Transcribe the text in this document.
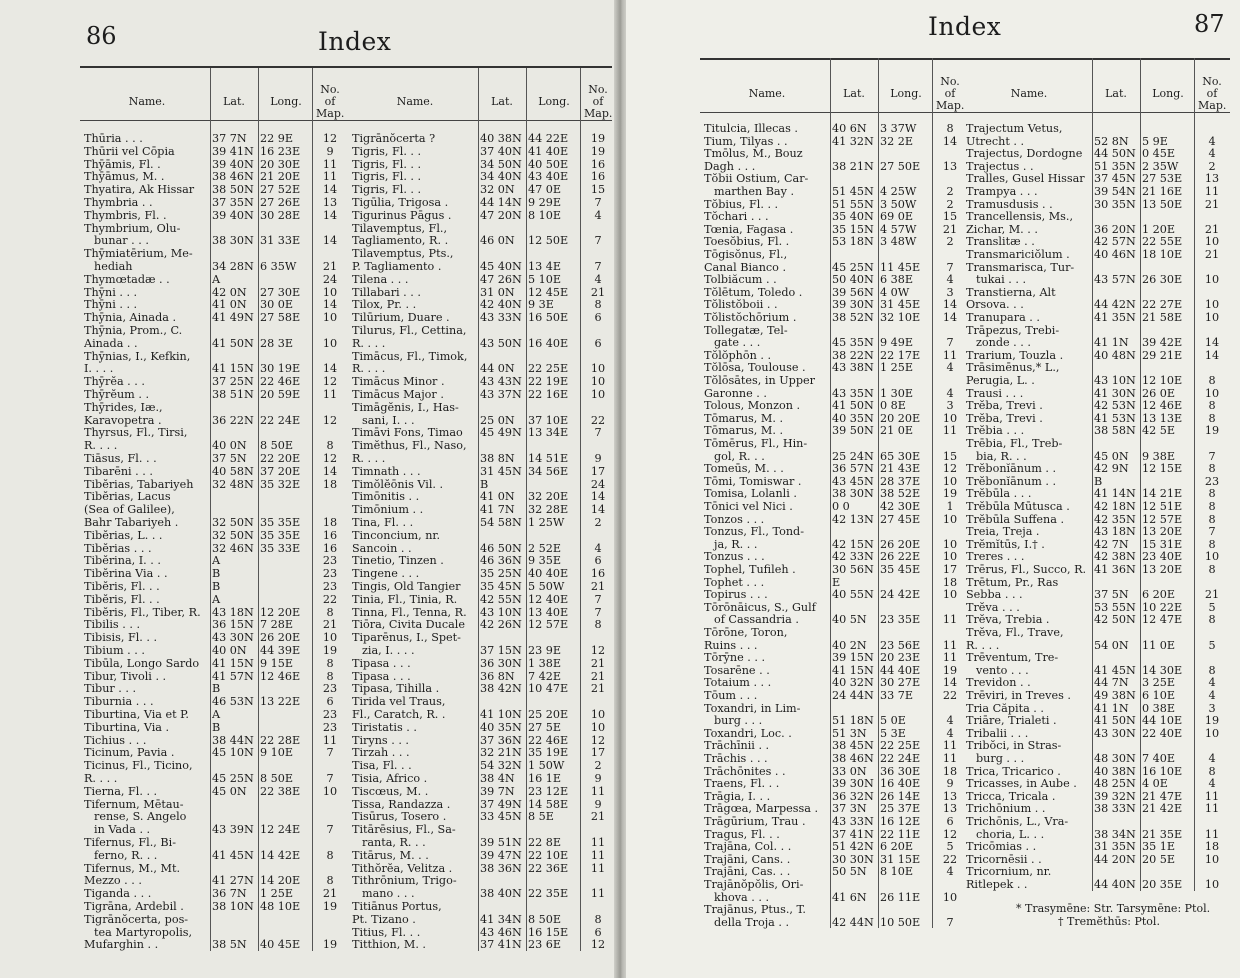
86	Index
Name.	Lat.	Long.
No. of Map.
Name.	Lat.	Long.
No. of Map.
Thūria . . .	37 7N	22 9E	12
Thūrii vel Cōpia	39 41N 16 23E	9
Thȳāmis, Fl. .	39 40N 20 30E	11
Thȳāmus, M. .	38 46N 21 20E	11
Thyatira, Ak Hissar	38 50N 27 52E	14
Thymbria . .	37 35N 27 26E	13
Thymbris, Fl. .	39 40N 30 28E	14
Thymbrium, Olu-
bunar . . .	38 30N 31 33E	14
Thȳmiatērium, Me-
hediah	34 28N 6 35W	21
Thymœtadæ . .	A	24
Thȳni . . .	42 0N	27 30E	10
Thȳni . . .	41 0N	30 0E	14
Thȳnia, Ainada .	41 49N 27 58E	10
Thȳnia, Prom., C.
Ainada . .	41 50N 28 3E	10
Thȳnias, I., Kefkin,
I. . . .	41 15N 30 19E	14
Thȳrĕa . . .	37 25N 22 46E	12
Thȳrĕum . .	38 51N 20 59E	11
Thȳrides, Iæ.,
Karavopetra .	36 22N 22 24E	12
Thyrsus, Fl., Tirsi,
R. . . .	40 0N	8 50E	8
Tiāsus, Fl. . .	37 5N	22 20E	12
Tibarēni . . .	40 58N 37 20E	14
Tibĕrias, Tabariyeh	32 48N 35 32E	18
Tibĕrias, Lacus
(Sea of Galilee),
Bahr Tabariyeh .	32 50N 35 35E	18
Tibĕrias, L. . .	32 50N 35 35E	16
Tibĕrias . . .	32 46N 35 33E	16
Tibĕrina, I. . .	A	23
Tibĕrina Via . .	B	23
Tibĕris, Fl. . .	B	23
Tibĕris, Fl. . .	A	22
Tibĕris, Fl., Tiber, R.	43 18N 12 20E	8
Tibilis . . .	36 15N 7 28E	21
Tibisis, Fl. . .	43 30N 26 20E	10
Tibium . . .	40 0N	44 39E	19
Tibūla, Longo Sardo	41 15N 9 15E	8
Tibur, Tivoli . .	41 57N 12 46E	8
Tibur . . .	B	23
Tiburnia . . .	46 53N 13 22E	6
Tiburtina, Via et P.	A	23
Tiburtina, Via .	B	23
Tichius . . .	38 44N 22 28E	11
Ticinum, Pavia .	45 10N 9 10E	7
Ticinus, Fl., Ticino,
R. . . .	45 25N 8 50E	7
Tierna, Fl. . .	45 0N	22 38E	10
Tifernum, Mētau-
rense, S. Angelo
in Vada . .	43 39N 12 24E	7
Tifernus, Fl., Bi-
ferno, R. . .	41 45N 14 42E	8
Tifernus, M., Mt.
Mezzo . . .	41 27N 14 20E	8
Tiganda . . .	36 7N	1 25E	21
Tigrāna, Ardebil .	38 10N 48 10E	19
Tigrānŏcerta, pos-
tea Martyropolis,
Mufarghin . .	38 5N	40 45E	19
Tigrānŏcerta ?	40 38N 44 22E	19
Tigris, Fl. . .	37 40N 41 40E	19
Tigris, Fl. . .	34 50N 40 50E	16
Tigris, Fl. . .	34 40N 43 40E	16
Tigris, Fl. . .	32 0N	47 0E	15
Tigūlia, Trigosa .	44 14N 9 29E	7
Tigurinus Pāgus .	47 20N 8 10E	4
Tilavemptus, Fl.,
Tagliamento, R. .	46 0N	12 50E	7
Tilavemptus, Pts.,
P. Tagliamento .	45 40N 13 4E	7
Tilena . . .	47 26N 5 10E	4
Tillabari . . .	31 0N	12 45E	21
Tilox, Pr. . .	42 40N 9 3E	8
Tilūrium, Duare .	43 33N 16 50E	6
Tilurus, Fl., Cettina,
R. . . .	43 50N 16 40E	6
Timācus, Fl., Timok,
R. . . .	44 0N	22 25E	10
Timācus Minor .	43 43N 22 19E	10
Timācus Major .	43 37N 22 16E	10
Timāgĕnis, I., Has-
sani, I. . .	25 0N	37 10E	22
Timāvi Fons, Timao	45 49N 13 34E	7
Timĕthus, Fl., Naso,
R. . . .	38 8N	14 51E	9
Timnath . . .	31 45N 34 56E	17
Timŏlĕōnis Vil. .	B	24
Timōnitis . .	41 0N	32 20E	14
Timōnium . .	41 7N	32 28E	14
Tina, Fl. . .	54 58N 1 25W	2
Tinconcium, nr.
Sancoin . .	46 50N 2 52E	4
Tinetio, Tinzen .	46 36N 9 35E	6
Tingene . . .	35 25N 40 40E	16
Tingis, Old Tangier	35 45N 5 50W	21
Tinia, Fl., Tinia, R.	42 55N 12 40E	7
Tinna, Fl., Tenna, R.	43 10N 13 40E	7
Tiōra, Civita Ducale	42 26N 12 57E	8
Tiparēnus, I., Spet-
zia, I. . . .	37 15N 23 9E	12
Tipasa . . .	36 30N 1 38E	21
Tipasa . . .	36 8N	7 42E	21
Tipasa, Tihilla .	38 42N 10 47E	21
Tirida vel Traus,
Fl., Caratch, R. .	41 10N 25 20E	10
Tiristatis . .	40 35N 27 5E	10
Tiryns . . .	37 36N 22 46E	12
Tirzah . . .	32 21N 35 19E	17
Tisa, Fl. . .	54 32N 1 50W	2
Tisia, Africo .	38 4N	16 1E	9
Tiscœus, M. .	39 7N	23 12E	11
Tissa, Randazza .	37 49N 14 58E	9
Tisūrus, Tosero .	33 45N 8 5E	21
Titārēsius, Fl., Sa-
ranta, R. . .	39 51N 22 8E	11
Titārus, M. . .	39 47N 22 10E	11
Tithŏrĕa, Velitza .	38 36N 22 36E	11
Tithrōnium, Trigo-
mano . . .	38 40N 22 35E	11
Titiānus Portus,
Pt. Tizano .	41 34N 8 50E	8
Titius, Fl. . .	43 46N 16 15E	6
Titthion, M. .	37 41N 23 6E	12
Index	87
Name.	Lat.	Long.
No. of Map.
Name.	Lat.	Long.
No. of Map.
Titulcia, Illecas .	40 6N	3 37W	8
Tium, Tilyas . .	41 32N 32 2E	14
Tmōlus, M., Bouz
Dagh . . .	38 21N 27 50E	13
Tŏbii Ostium, Car-
marthen Bay .	51 45N 4 25W	2
Tŏbius, Fl. . .	51 55N 3 50W	2
Tŏchari . . .	35 40N 69 0E	15
Tœnia, Fagasa .	35 15N 4 57W	21
Toesŏbius, Fl. .	53 18N 3 48W	2
Tōgisŏnus, Fl.,
Canal Bianco .	45 25N 11 45E	7
Tolbiăcum . .	50 40N 6 38E	4
Tŏlētum, Toledo .	39 56N 4 0W	3
Tŏlistŏboii . .	39 30N 31 45E	14
Tŏlistŏchōrium .	38 52N 32 10E	14
Tollegatæ, Tel-
gate . . .	45 35N 9 49E	7
Tŏlŏphōn . .	38 22N 22 17E	11
Tŏlōsa, Toulouse .	43 38N 1 25E	4
Tŏlōsātes, in Upper
Garonne . .	43 35N 1 30E	4
Tolous, Monzon .	41 50N 0 8E	3
Tōmarus, M. .	40 35N 20 20E	10
Tōmarus, M. .	39 50N 21 0E	11
Tōmērus, Fl., Hin-
gol, R. . .	25 24N 65 30E	15
Tomeūs, M. . .	36 57N 21 43E	12
Tōmi, Tomiswar .	43 45N 28 37E	10
Tomisa, Lolanli .	38 30N 38 52E	19
Tōnici vel Nici .	0 0	42 30E	1
Tonzos . . .	42 13N 27 45E	10
Tonzus, Fl., Tond-
ja, R. . .	42 15N 26 20E	10
Tonzus . . .	42 33N 26 22E	10
Tophel, Tufileh .	30 56N 35 45E	17
Tophet . . .	E	18
Topirus . . .	40 55N 24 42E	10
Tōrōnāicus, S., Gulf
of Cassandria .	40 5N	23 35E	11
Tōrōne, Toron,
Ruins . . .	40 2N	23 56E	11
Tōrȳne . . .	39 15N 20 23E	11
Tosarēne . .	41 15N 44 40E	19
Totaium . . .	40 32N 30 27E	14
Tōum . . .	24 44N 33 7E	22
Toxandri, in Lim-
burg . . .	51 18N 5 0E	4
Toxandri, Loc. .	51 3N	5 3E	4
Trāchīnii . .	38 45N 22 25E	11
Trāchis . . .	38 46N 22 24E	11
Trāchōnites . .	33 0N	36 30E	18
Traens, Fl. . .	39 30N 16 40E	9
Trāgia, I. . .	36 32N 26 14E	13
Trāgœa, Marpessa .	37 3N	25 37E	13
Trāgūrium, Trau .	43 33N 16 12E	6
Tragus, Fl. . .	37 41N 22 11E	12
Trajāna, Col. . .	51 42N 6 20E	5
Trajāni, Cans. .	30 30N 31 15E	22
Trajāni, Cas. . .	50 5N	8 10E	4
Trajānŏpŏlis, Ori-
khova . . .	41 6N	26 11E	10
Trajānus, Ptus., T.
della Troja . .	42 44N 10 50E	7
Trajectum Vetus,
Utrecht . .	52 8N	5 9E	4
Trajectus, Dordogne	44 50N 0 45E	4
Trajectus . .	51 35N 2 35W	2
Tralles, Gusel Hissar 37 45N 27 53E	13
Trampya . . .	39 54N 21 16E	11
Tramusdusis . .	30 35N 13 50E	21
Trancellensis, Ms.,
Zichar, M. . .	36 20N 1 20E	21
Translitæ . .	42 57N 22 55E	10
Transmariciŏlum .	40 46N 18 10E	21
Transmarisca, Tur-
tukai . . .	43 57N 26 30E	10
Transtierna, Alt
Orsova. . .	44 42N 22 27E	10
Tranupara . .	41 35N 21 58E	10
Trāpezus, Trebi-
zonde . . .	41 1N	39 42E	14
Trarium, Touzla .	40 48N 29 21E	14
Trāsimēnus,* L.,
Perugia, L. .	43 10N 12 10E	8
Trausi . . .	41 30N 26 0E	10
Trĕba, Trevi .	42 53N 12 46E	8
Trĕba, Trevi .	41 53N 13 13E	8
Trĕbia . . .	38 58N 42 5E	19
Trēbia, Fl., Treb-
bia, R. . .	45 0N	9 38E	7
Trĕbonĭānum . .	42 9N	12 15E	8
Trĕbonĭānum . .	B	23
Trĕbūla . . .	41 14N 14 21E	8
Trĕbūla Mūtusca .	42 18N 12 51E	8
Trĕbūla Suffena .	42 35N 12 57E	8
Treia, Treja .	43 18N 13 20E	7
Trĕmĭtūs, I.† .	42 7N	15 31E	8
Treres . . .	42 38N 23 40E	10
Trērus, Fl., Succo, R. 41 36N 13 20E	8
Trētum, Pr., Ras
Sebba . . .	37 5N	6 20E	21
Trĕva . . .	53 55N 10 22E	5
Trĕva, Trebia .	42 50N 12 47E	8
Trĕva, Fl., Trave,
R. . . .	54 0N	11 0E	5
Trēventum, Tre-
vento . . .	41 45N 14 30E	8
Trevidon . .	44 7N	3 25E	4
Trēviri, in Treves .	49 38N 6 10E	4
Tria Căpita . .	41 1N	0 38E	3
Triāre, Trialeti .	41 50N 44 10E	19
Tribalii . . .	43 30N 22 40E	10
Tribŏci, in Stras-
burg . . .	48 30N 7 40E	4
Trica, Tricarico .	40 38N 16 10E	8
Tricasses, in Aube .	48 25N 4 0E	4
Tricca, Tricala .	39 32N 21 47E	11
Trichōnium . .	38 33N 21 42E	11
Trichōnis, L., Vra-
choria, L. . .	38 34N 21 35E	11
Tricōmias . .	31 35N 35 1E	18
Tricornēsii . .	44 20N 20 5E	10
Tricornium, nr.
Ritlepek . .	44 40N 20 35E	10
* Trasymēne: Str. Tarsymēne: Ptol.
† Tremĕthūs: Ptol.
